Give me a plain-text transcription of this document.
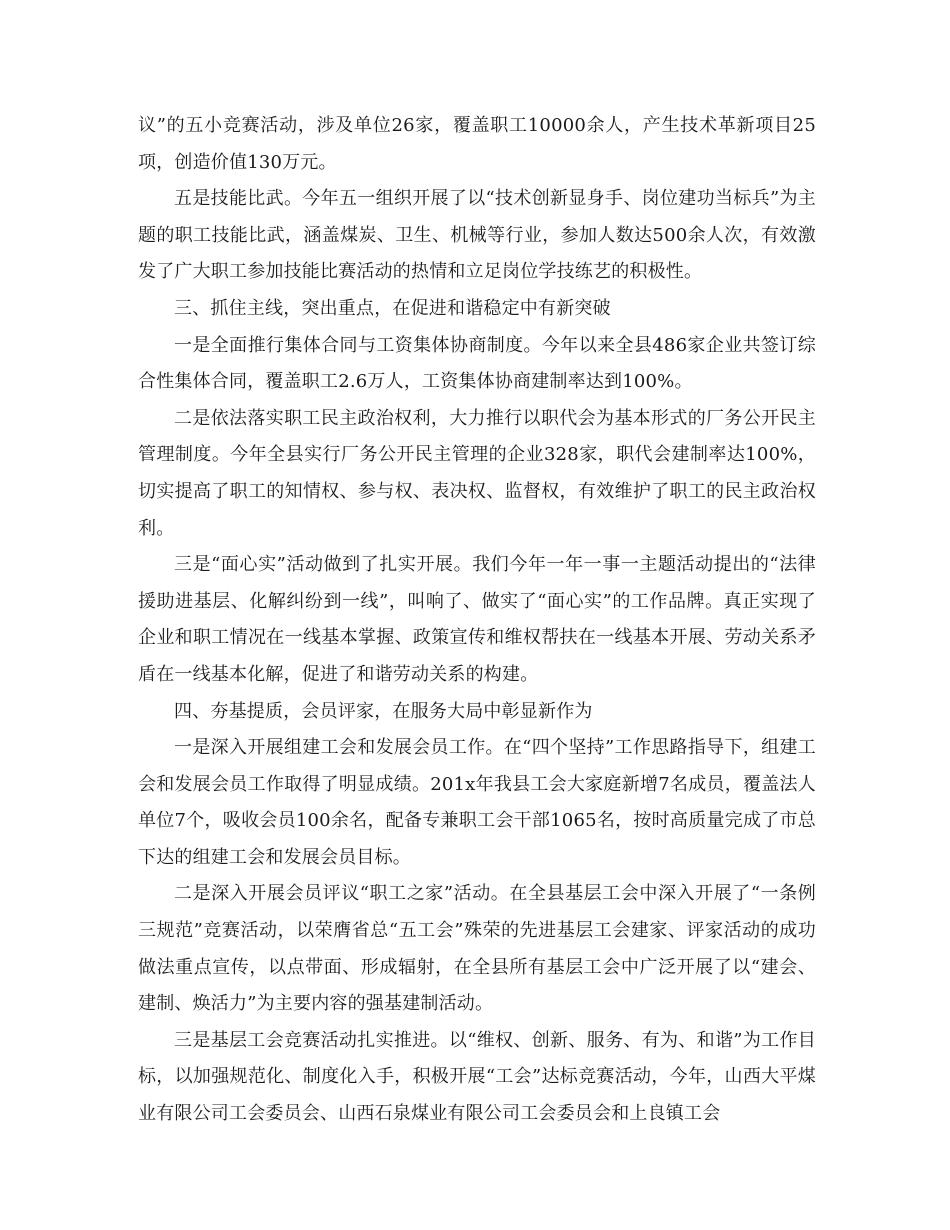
议”的五小竞赛活动，涉及单位26家，覆盖职工10000余人，产生技术革新项目25项，创造价值130万元。

五是技能比武。今年五一组织开展了以“技术创新显身手、岗位建功当标兵”为主题的职工技能比武，涵盖煤炭、卫生、机械等行业，参加人数达500余人次，有效激发了广大职工参加技能比赛活动的热情和立足岗位学技练艺的积极性。

三、抓住主线，突出重点，在促进和谐稳定中有新突破

一是全面推行集体合同与工资集体协商制度。今年以来全县486家企业共签订综合性集体合同，覆盖职工2.6万人，工资集体协商建制率达到100%。

二是依法落实职工民主政治权利，大力推行以职代会为基本形式的厂务公开民主管理制度。今年全县实行厂务公开民主管理的企业328家，职代会建制率达100%，切实提高了职工的知情权、参与权、表决权、监督权，有效维护了职工的民主政治权利。

三是“面心实”活动做到了扎实开展。我们今年一年一事一主题活动提出的“法律援助进基层、化解纠纷到一线”，叫响了、做实了“面心实”的工作品牌。真正实现了企业和职工情况在一线基本掌握、政策宣传和维权帮扶在一线基本开展、劳动关系矛盾在一线基本化解，促进了和谐劳动关系的构建。

四、夯基提质，会员评家，在服务大局中彰显新作为

一是深入开展组建工会和发展会员工作。在“四个坚持”工作思路指导下，组建工会和发展会员工作取得了明显成绩。201x年我县工会大家庭新增7名成员，覆盖法人单位7个，吸收会员100余名，配备专兼职工会干部1065名，按时高质量完成了市总下达的组建工会和发展会员目标。

二是深入开展会员评议“职工之家”活动。在全县基层工会中深入开展了“一条例三规范”竞赛活动，以荣膺省总“五工会”殊荣的先进基层工会建家、评家活动的成功做法重点宣传，以点带面、形成辐射，在全县所有基层工会中广泛开展了以“建会、建制、焕活力”为主要内容的强基建制活动。

三是基层工会竞赛活动扎实推进。以“维权、创新、服务、有为、和谐”为工作目标，以加强规范化、制度化入手，积极开展“工会”达标竞赛活动，今年，山西大平煤业有限公司工会委员会、山西石泉煤业有限公司工会委员会和上良镇工会
